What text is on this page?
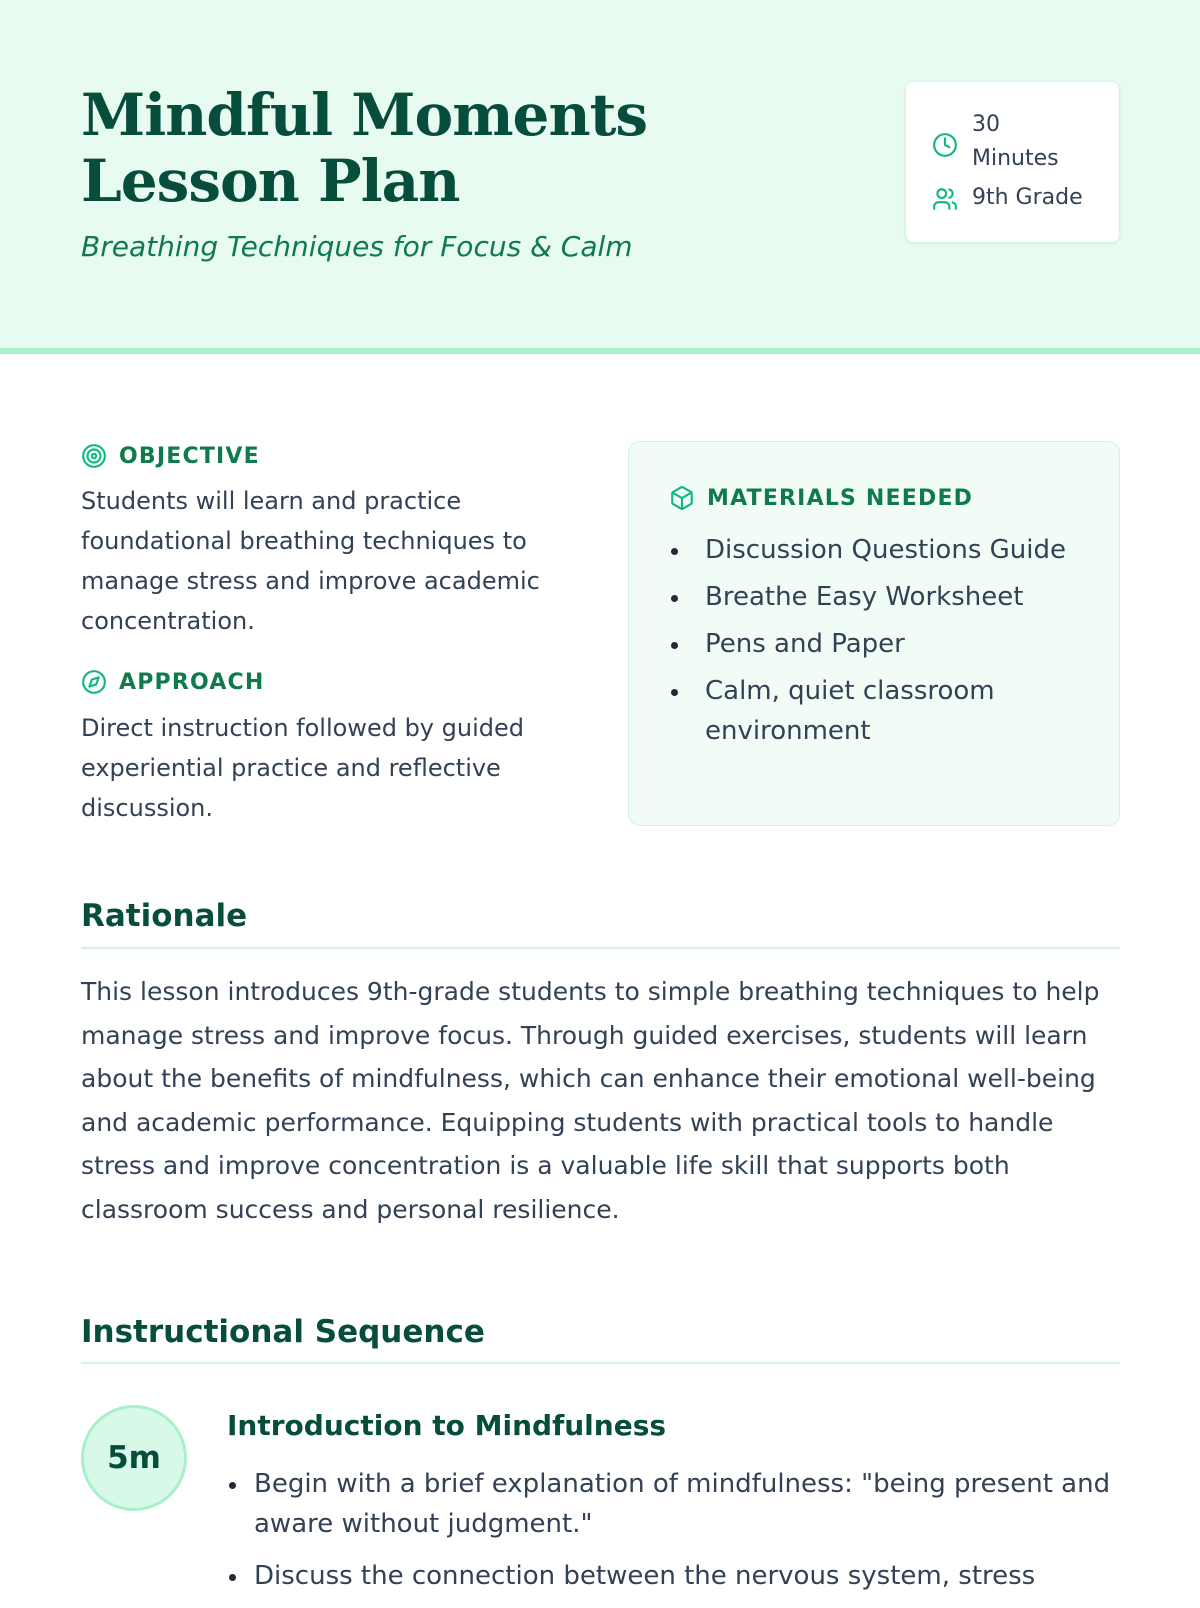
Mindful Moments Lesson Plan
Breathing Techniques for Focus & Calm
30 Minutes
9th Grade
OBJECTIVE

Students will learn and practice foundational breathing techniques to manage stress and improve academic concentration.

APPROACH

Direct instruction followed by guided experiential practice and reflective discussion.

MATERIALS NEEDED
Discussion Questions Guide
Breathe Easy Worksheet
Pens and Paper
Calm, quiet classroom environment
Rationale

This lesson introduces 9th-grade students to simple breathing techniques to help manage stress and improve focus. Through guided exercises, students will learn about the benefits of mindfulness, which can enhance their emotional well-being and academic performance. Equipping students with practical tools to handle stress and improve concentration is a valuable life skill that supports both classroom success and personal resilience.

Instructional Sequence
5m
Introduction to Mindfulness
Begin with a brief explanation of mindfulness: "being present and aware without judgment."
Discuss the connection between the nervous system, stress
